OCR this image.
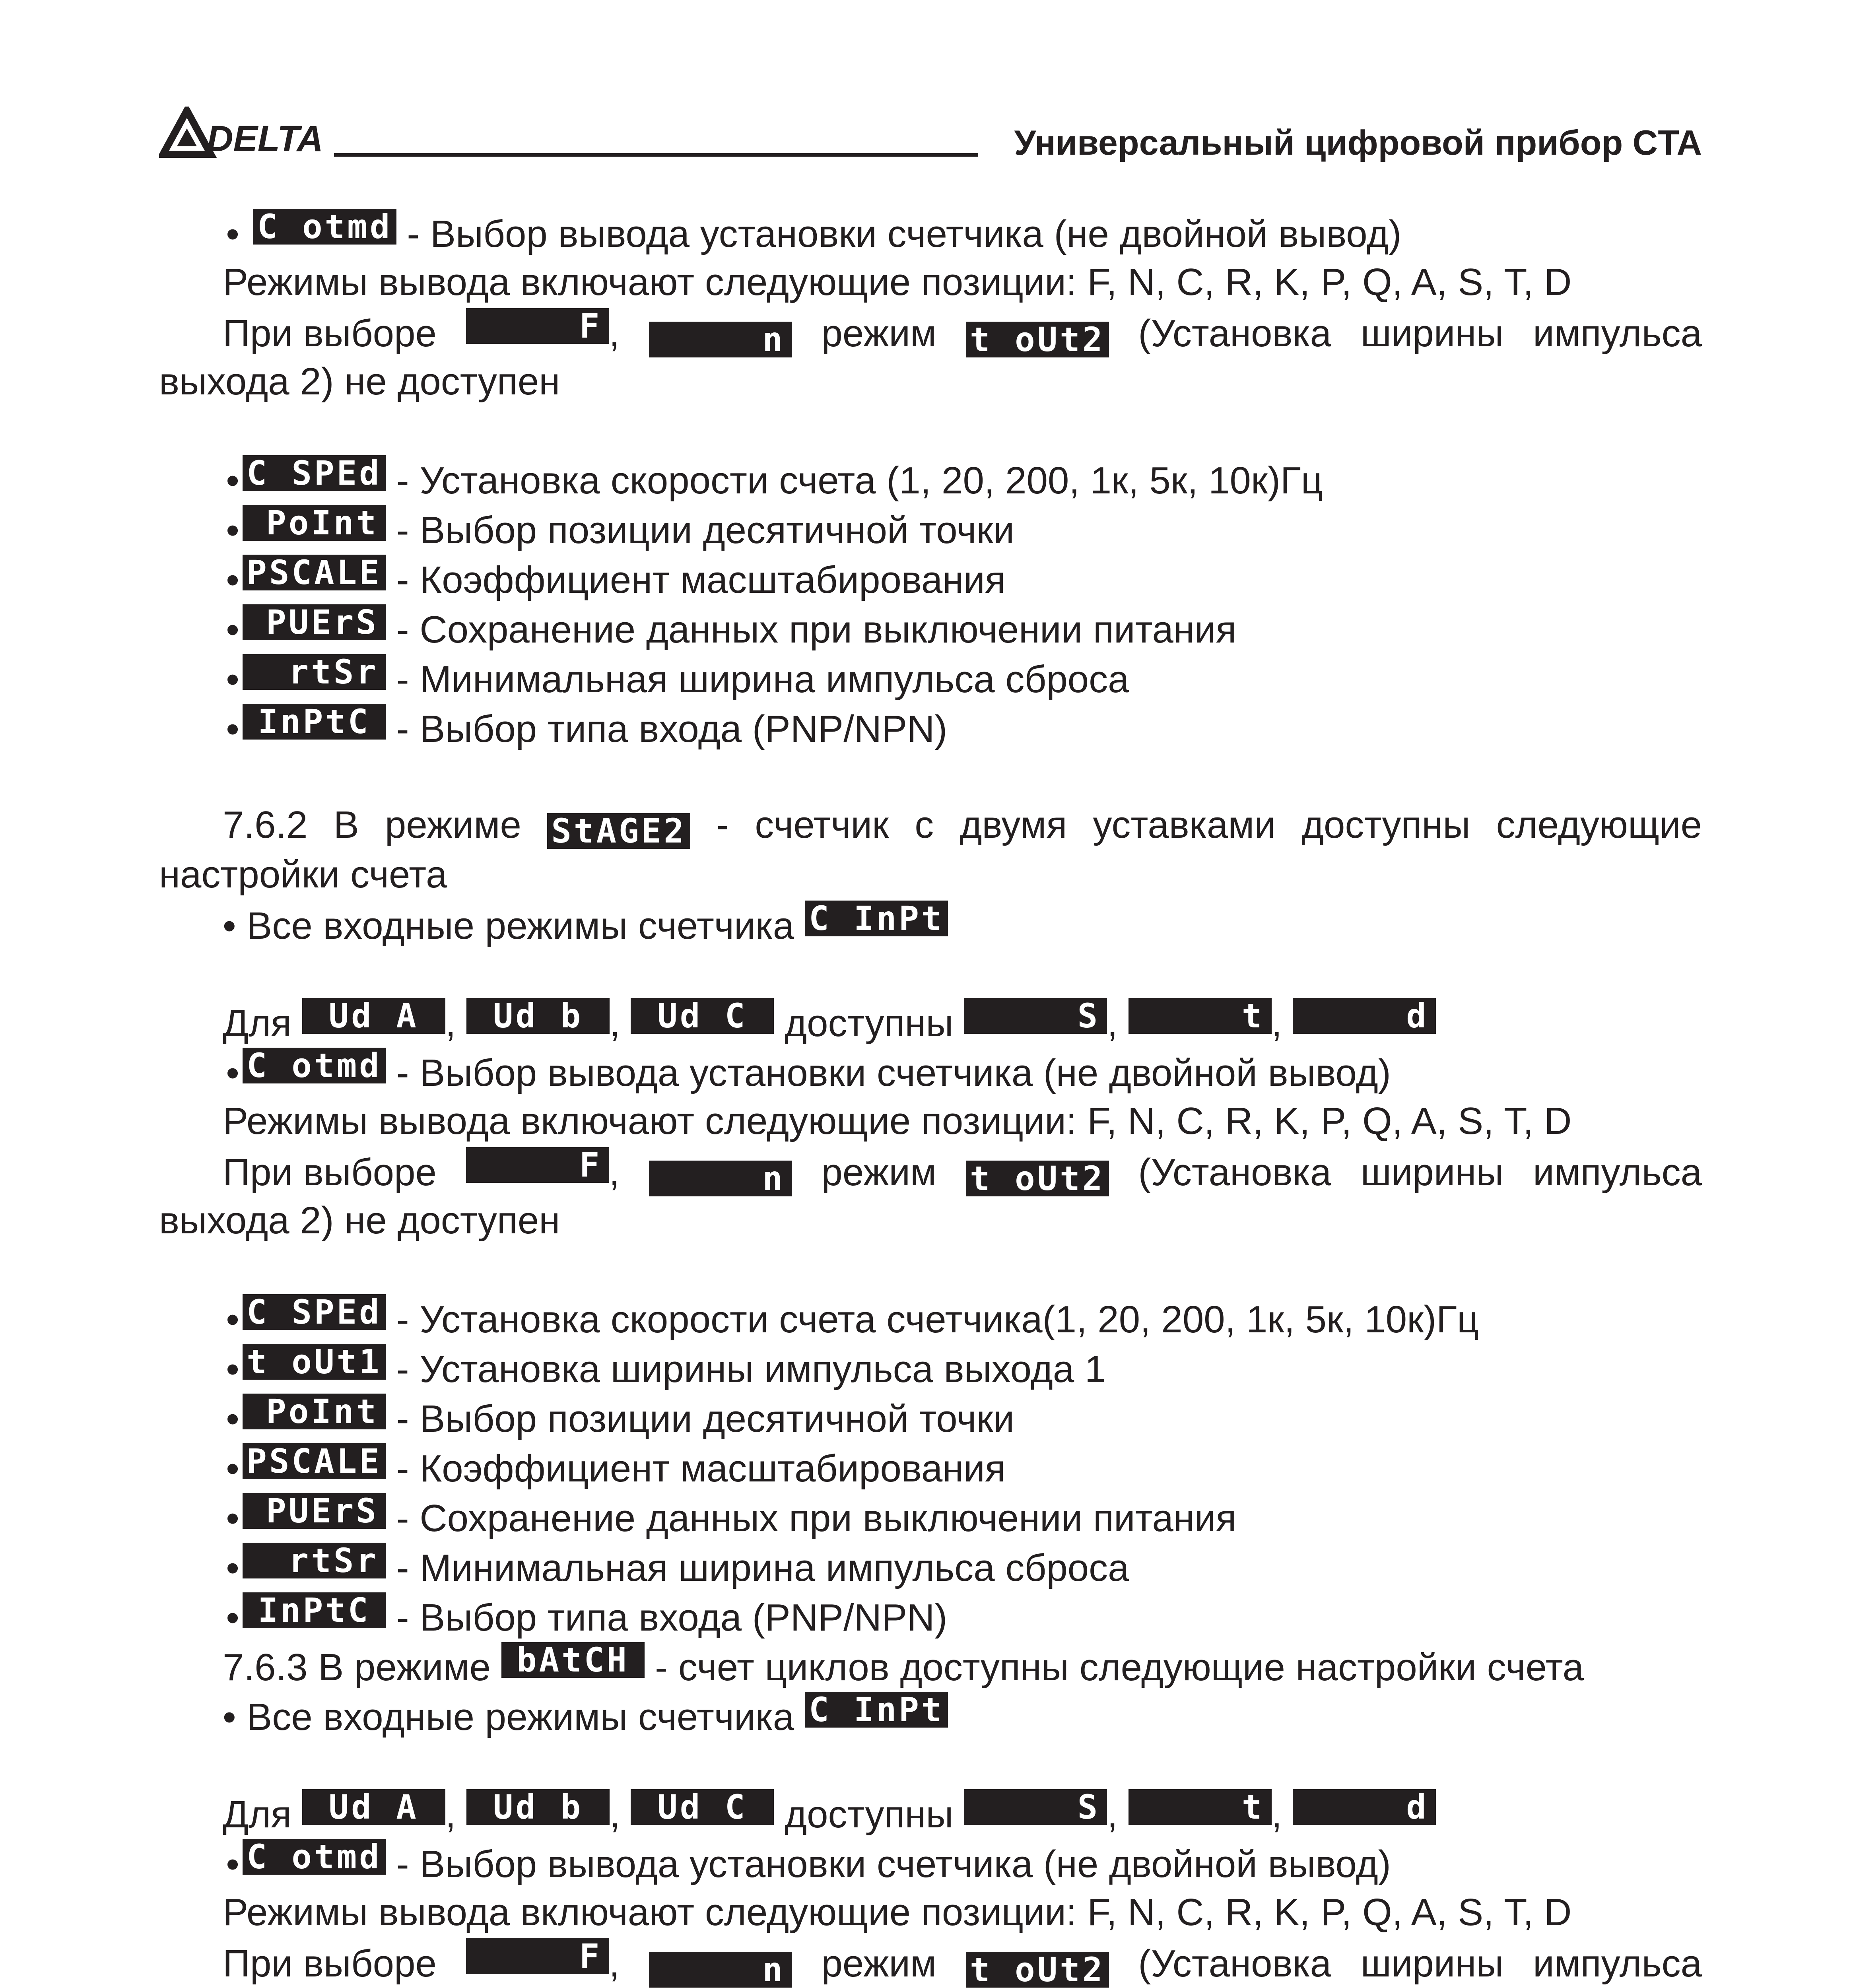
DELTA	Универсальный цифровой прибор CTA
• C otmd - Выбор вывода установки счетчика (не двойной вывод)
Режимы вывода включают следующие позиции: F, N, C, R, K, P, Q, A, S, T, D
При выборе	F ,	n режим t oUt2 (Установка ширины импульса
выхода 2) не доступен
• C SPEd - Установка скорости счета (1, 20, 200, 1к, 5к, 10к)Гц
• PoInt - Выбор позиции десятичной точки
• PSCALE - Коэффициент масштабирования
• PUErS - Сохранение данных при выключении питания
• rtSr - Минимальная ширина импульса сброса
• InPtC - Выбор типа входа (PNP/NPN)
7.6.2 В режиме StAGE2 - счетчик с двумя уставками доступны следующие
настройки счета
• Все входные режимы счетчика C InPt
Для Ud A , Ud b , Ud C доступны	S ,	t ,	d
• C otmd - Выбор вывода установки счетчика (не двойной вывод)
Режимы вывода включают следующие позиции: F, N, C, R, K, P, Q, A, S, T, D
При выборе	F ,	n режим t oUt2 (Установка ширины импульса
выхода 2) не доступен
• C SPEd - Установка скорости счета счетчика(1, 20, 200, 1к, 5к, 10к)Гц
• t oUt1 - Установка ширины импульса выхода 1
• PoInt - Выбор позиции десятичной точки
• PSCALE - Коэффициент масштабирования
• PUErS - Сохранение данных при выключении питания
• rtSr - Минимальная ширина импульса сброса
• InPtC - Выбор типа входа (PNP/NPN)
7.6.3 В режиме bAtCH - счет циклов доступны следующие настройки счета
• Все входные режимы счетчика C InPt
Для Ud A , Ud b , Ud C доступны	S ,	t ,	d
• C otmd - Выбор вывода установки счетчика (не двойной вывод)
Режимы вывода включают следующие позиции: F, N, C, R, K, P, Q, A, S, T, D
При выборе	F ,	n режим t oUt2 (Установка ширины импульса
